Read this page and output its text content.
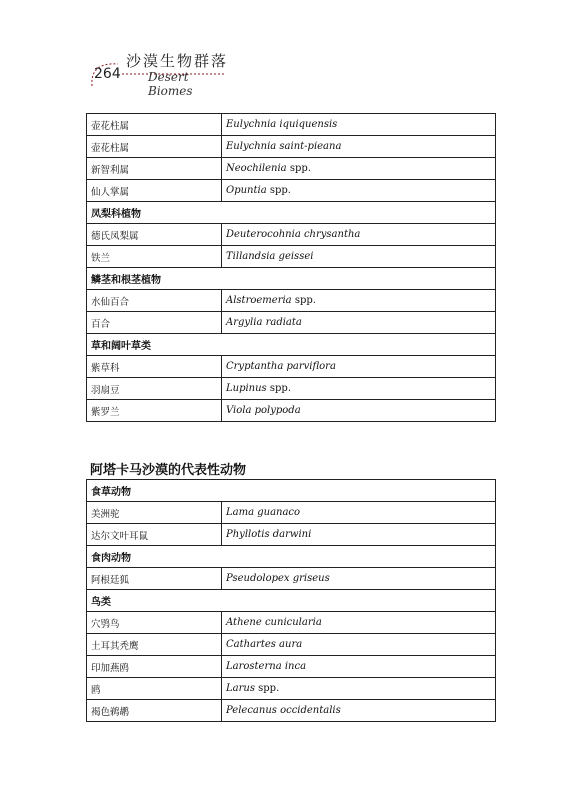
264
沙漠生物群落
Desert Biomes
壶花柱属	Eulychnia iquiquensis
壶花柱属	Eulychnia saint-pieana
新智利属	Neochilenia spp.
仙人掌属	Opuntia spp.
凤梨科植物	
德氏凤梨属	Deuterocohnia chrysantha
铁兰	Tillandsia geissei
鳞茎和根茎植物	
水仙百合	Alstroemeria spp.
百合	Argylia radiata
草和阔叶草类	
紫草科	Cryptantha parviflora
羽扇豆	Lupinus spp.
紫罗兰	Viola polypoda
阿塔卡马沙漠的代表性动物
食草动物	
美洲驼	Lama guanaco
达尔文叶耳鼠	Phyllotis darwini
食肉动物	
阿根廷狐	Pseudolopex griseus
鸟类	
穴鸮鸟	Athene cunicularia
土耳其秃鹰	Cathartes aura
印加燕鸥	Larosterna inca
鸥	Larus spp.
褐色鹈鹕	Pelecanus occidentalis
